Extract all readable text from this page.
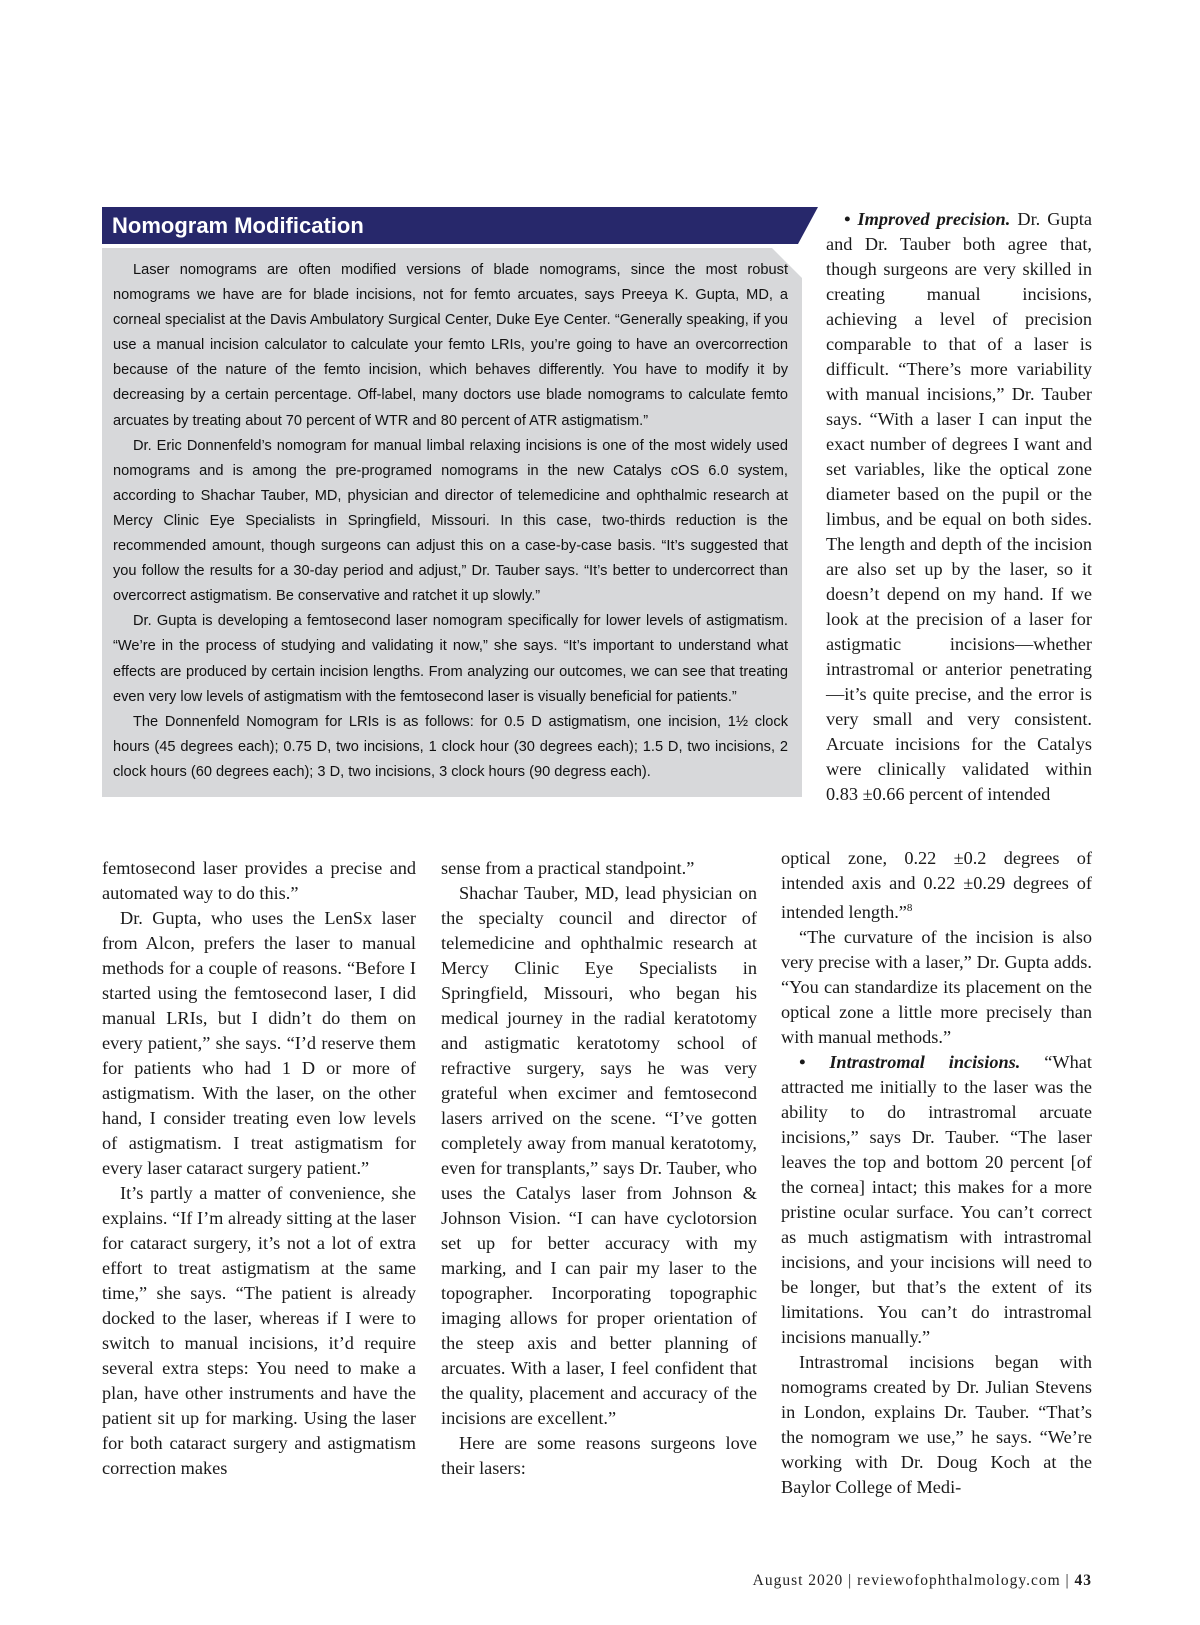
Nomogram Modification

Laser nomograms are often modified versions of blade nomograms, since the most robust nomograms we have are for blade incisions, not for femto arcuates, says Preeya K. Gupta, MD, a corneal specialist at the Davis Ambulatory Surgical Center, Duke Eye Center. “Generally speaking, if you use a manual incision calculator to calculate your femto LRIs, you’re going to have an overcorrection because of the nature of the femto incision, which behaves differently. You have to modify it by decreasing by a certain percentage. Off-label, many doctors use blade nomograms to calculate femto arcuates by treating about 70 percent of WTR and 80 percent of ATR astigmatism.”

Dr. Eric Donnenfeld’s nomogram for manual limbal relaxing incisions is one of the most widely used nomograms and is among the pre-programed nomograms in the new Catalys cOS 6.0 system, according to Shachar Tauber, MD, physician and director of telemedicine and ophthalmic research at Mercy Clinic Eye Specialists in Springfield, Missouri. In this case, two-thirds reduction is the recommended amount, though surgeons can adjust this on a case-by-case basis. “It’s suggested that you follow the results for a 30-day period and adjust,” Dr. Tauber says. “It’s better to undercorrect than overcorrect astigmatism. Be conservative and ratchet it up slowly.”

Dr. Gupta is developing a femtosecond laser nomogram specifically for lower levels of astigmatism. “We’re in the process of studying and validating it now,” she says. “It’s important to understand what effects are produced by certain incision lengths. From analyzing our outcomes, we can see that treating even very low levels of astigmatism with the femtosecond laser is visually beneficial for patients.”

The Donnenfeld Nomogram for LRIs is as follows: for 0.5 D astigmatism, one incision, 1½ clock hours (45 degrees each); 0.75 D, two incisions, 1 clock hour (30 degrees each); 1.5 D, two incisions, 2 clock hours (60 degrees each); 3 D, two incisions, 3 clock hours (90 degress each).

femtosecond laser provides a precise and automated way to do this.”

Dr. Gupta, who uses the LenSx laser from Alcon, prefers the laser to manual methods for a couple of reasons. “Before I started using the femtosecond laser, I did manual LRIs, but I didn’t do them on every patient,” she says. “I’d reserve them for patients who had 1 D or more of astigmatism. With the laser, on the other hand, I consider treating even low levels of astigmatism. I treat astigmatism for every laser cataract surgery patient.”

It’s partly a matter of convenience, she explains. “If I’m already sitting at the laser for cataract surgery, it’s not a lot of extra effort to treat astigmatism at the same time,” she says. “The patient is already docked to the laser, whereas if I were to switch to manual incisions, it’d require several extra steps: You need to make a plan, have other instruments and have the patient sit up for marking. Using the laser for both cataract surgery and astigmatism correction makes

sense from a practical standpoint.”

Shachar Tauber, MD, lead physician on the specialty council and director of telemedicine and ophthalmic research at Mercy Clinic Eye Specialists in Springfield, Missouri, who began his medical journey in the radial keratotomy and astigmatic keratotomy school of refractive surgery, says he was very grateful when excimer and femtosecond lasers arrived on the scene. “I’ve gotten completely away from manual keratotomy, even for transplants,” says Dr. Tauber, who uses the Catalys laser from Johnson & Johnson Vision. “I can have cyclotorsion set up for better accuracy with my marking, and I can pair my laser to the topographer. Incorporating topographic imaging allows for proper orientation of the steep axis and better planning of arcuates. With a laser, I feel confident that the quality, placement and accuracy of the incisions are excellent.”

Here are some reasons surgeons love their lasers:

• Improved precision. Dr. Gupta and Dr. Tauber both agree that, though surgeons are very skilled in creating manual incisions, achieving a level of precision comparable to that of a laser is difficult. “There’s more variability with manual incisions,” Dr. Tauber says. “With a laser I can input the exact number of degrees I want and set variables, like the optical zone diameter based on the pupil or the limbus, and be equal on both sides. The length and depth of the incision are also set up by the laser, so it doesn’t depend on my hand. If we look at the precision of a laser for astigmatic incisions—whether intrastromal or anterior penetrating—it’s quite precise, and the error is very small and very consistent. Arcuate incisions for the Catalys were clinically validated within 0.83 ±0.66 percent of intended

optical zone, 0.22 ±0.2 degrees of intended axis and 0.22 ±0.29 degrees of intended length.”$^8$

“The curvature of the incision is also very precise with a laser,” Dr. Gupta adds. “You can standardize its placement on the optical zone a little more precisely than with manual methods.”

• Intrastromal incisions. “What attracted me initially to the laser was the ability to do intrastromal arcuate incisions,” says Dr. Tauber. “The laser leaves the top and bottom 20 percent [of the cornea] intact; this makes for a more pristine ocular surface. You can’t correct as much astigmatism with intrastromal incisions, and your incisions will need to be longer, but that’s the extent of its limitations. You can’t do intrastromal incisions manually.”

Intrastromal incisions began with nomograms created by Dr. Julian Stevens in London, explains Dr. Tauber. “That’s the nomogram we use,” he says. “We’re working with Dr. Doug Koch at the Baylor College of Medi-

August 2020 | reviewofophthalmology.com | 43
